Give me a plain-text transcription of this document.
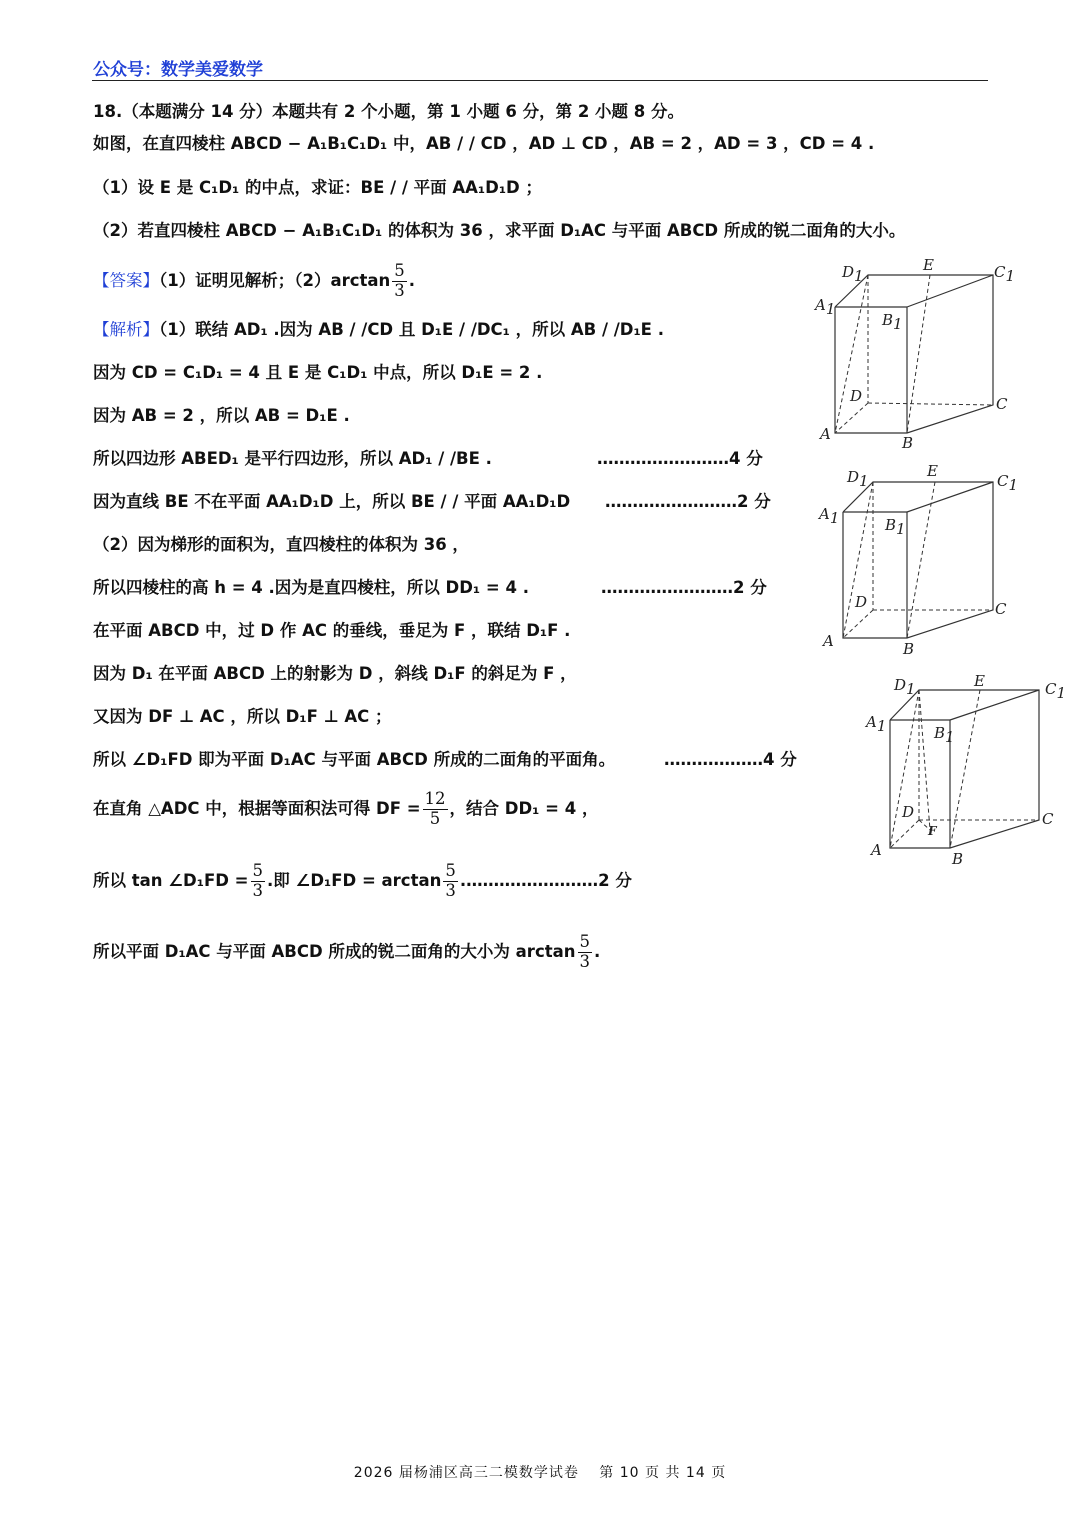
公众号：数学美爱数学
18.（本题满分 14 分）本题共有 2 个小题，第 1 小题 6 分，第 2 小题 8 分。
如图，在直四棱柱 ABCD − A₁B₁C₁D₁ 中，AB / / CD ，AD ⊥ CD ，AB = 2 ，AD = 3 ，CD = 4 .
（1）设 E 是 C₁D₁ 的中点，求证：BE / / 平面 AA₁D₁D ；
（2）若直四棱柱 ABCD − A₁B₁C₁D₁ 的体积为 36 ，求平面 D₁AC 与平面 ABCD 所成的锐二面角的大小。
【答案】（1）证明见解析；$(2)\arctan \frac{5}{3}$ .
【解析】（1）联结 AD₁ .因为 AB / /CD 且 D₁E / /DC₁ ，所以 AB / /D₁E .
因为 CD = C₁D₁ = 4 且 E 是 C₁D₁ 中点，所以 D₁E = 2 .
因为 AB = 2 ，所以 AB = D₁E .
所以四边形 ABED₁ 是平行四边形，所以 AD₁ / /BE .	……………………4 分
因为直线 BE 不在平面 AA₁D₁D 上，所以 BE / / 平面 AA₁D₁D ……………………2 分
（2）因为梯形的面积为，直四棱柱的体积为 36 ，
所以四棱柱的高 h = 4 .因为是直四棱柱，所以 DD₁ = 4 .	……………………2 分
在平面 ABCD 中，过 D 作 AC 的垂线，垂足为 F ，联结 D₁F .
因为 D₁ 在平面 ABCD 上的射影为 D ，斜线 D₁F 的斜足为 F ，
又因为 DF ⊥ AC ，所以 D₁F ⊥ AC ；
所以 ∠D₁FD 即为平面 D₁AC 与平面 ABCD 所成的二面角的平面角。	………………4 分
在直角 △ADC 中，根据等面积法可得 DF = $\frac{12}{5}$ ，结合 DD₁ = 4 ，
所以 tan ∠D₁FD = $\frac{5}{3}$ .即 ∠D₁FD = $\arctan \frac{5}{3}$ .……………………2 分
所以平面 D₁AC 与平面 ABCD 所成的锐二面角的大小为 $\arctan \frac{5}{3}$ .
D1
E	C1
A1
B1
D	C
A	B
D1
E
C1
A1	B1
D	C
A	B
D1	E	C1
A1	B1
D
F
C
A	B
2026 届杨浦区高三二模数学试卷　 第 10 页 共 14 页
